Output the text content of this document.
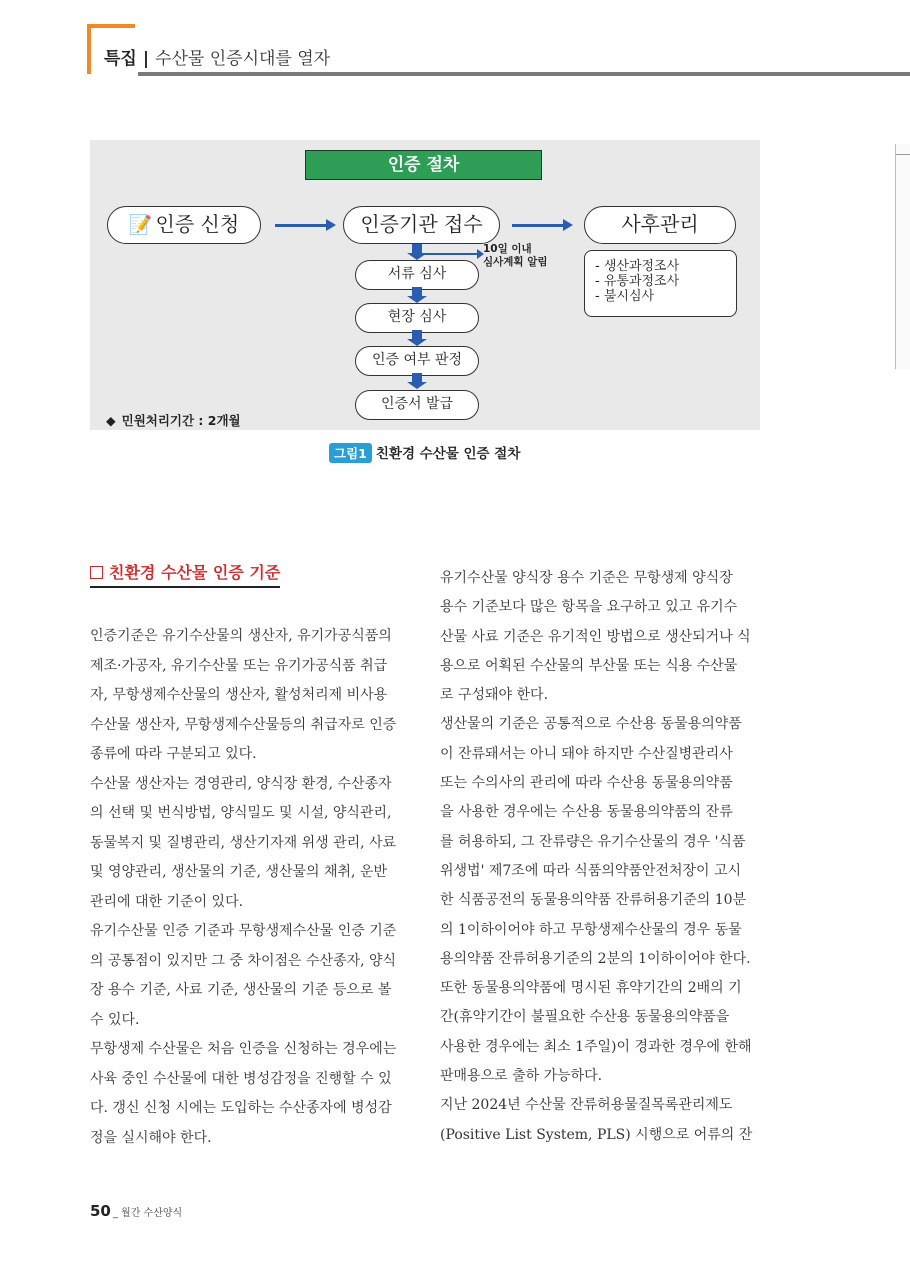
특집 | 수산물 인증시대를 열자
인증 절차
📝 인증 신청	인증기관 접수	사후관리
10일 이내
심사계획 알림
서류 심사
현장 심사
인증 여부 판정
인증서 발급
- 생산과정조사
- 유통과정조사
- 불시심사
◆ 민원처리기간 : 2개월
그림1 친환경 수산물 인증 절차
친환경 수산물 인증 기준
인증기준은 유기수산물의 생산자, 유기가공식품의
제조·가공자, 유기수산물 또는 유기가공식품 취급
자, 무항생제수산물의 생산자, 활성처리제 비사용
수산물 생산자, 무항생제수산물등의 취급자로 인증
종류에 따라 구분되고 있다.
수산물 생산자는 경영관리, 양식장 환경, 수산종자
의 선택 및 번식방법, 양식밀도 및 시설, 양식관리,
동물복지 및 질병관리, 생산기자재 위생 관리, 사료
및 영양관리, 생산물의 기준, 생산물의 채취, 운반
관리에 대한 기준이 있다.
유기수산물 인증 기준과 무항생제수산물 인증 기준
의 공통점이 있지만 그 중 차이점은 수산종자, 양식
장 용수 기준, 사료 기준, 생산물의 기준 등으로 볼
수 있다.
무항생제 수산물은 처음 인증을 신청하는 경우에는
사육 중인 수산물에 대한 병성감정을 진행할 수 있
다. 갱신 신청 시에는 도입하는 수산종자에 병성감
정을 실시해야 한다.
유기수산물 양식장 용수 기준은 무항생제 양식장
용수 기준보다 많은 항목을 요구하고 있고 유기수
산물 사료 기준은 유기적인 방법으로 생산되거나 식
용으로 어획된 수산물의 부산물 또는 식용 수산물
로 구성돼야 한다.
생산물의 기준은 공통적으로 수산용 동물용의약품
이 잔류돼서는 아니 돼야 하지만 수산질병관리사
또는 수의사의 관리에 따라 수산용 동물용의약품
을 사용한 경우에는 수산용 동물용의약품의 잔류
를 허용하되, 그 잔류량은 유기수산물의 경우 '식품
위생법' 제7조에 따라 식품의약품안전처장이 고시
한 식품공전의 동물용의약품 잔류허용기준의 10분
의 1이하이어야 하고 무항생제수산물의 경우 동물
용의약품 잔류허용기준의 2분의 1이하이어야 한다.
또한 동물용의약품에 명시된 휴약기간의 2배의 기
간(휴약기간이 불필요한 수산용 동물용의약품을
사용한 경우에는 최소 1주일)이 경과한 경우에 한해
판매용으로 출하 가능하다.
지난 2024년 수산물 잔류허용물질목록관리제도
(Positive List System, PLS) 시행으로 어류의 잔
50 _ 월간 수산양식
